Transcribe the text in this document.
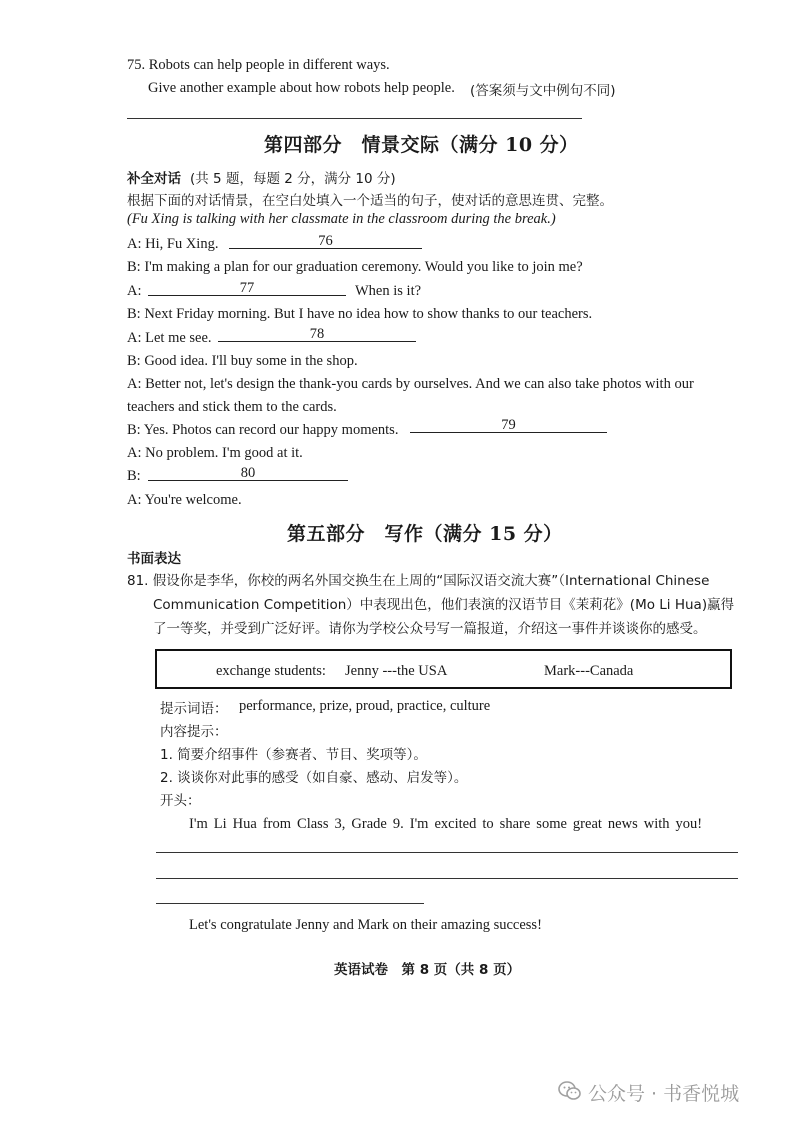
75. Robots can help people in different ways.
Give another example about how robots help people. (答案须与文中例句不同)
第四部分　情景交际（满分 10 分）
补全对话 (共 5 题，每题 2 分，满分 10 分)
根据下面的对话情景，在空白处填入一个适当的句子，使对话的意思连贯、完整。
(Fu Xing is talking with her classmate in the classroom during the break.)
A: Hi, Fu Xing.	76
B: I'm making a plan for our graduation ceremony. Would you like to join me?
A:	77	When is it?
B: Next Friday morning. But I have no idea how to show thanks to our teachers.
A: Let me see.	78
B: Good idea. I'll buy some in the shop.
A: Better not, let's design the thank-you cards by ourselves. And we can also take photos with our
teachers and stick them to the cards.
B: Yes. Photos can record our happy moments.	79
A: No problem. I'm good at it.
B:	80
A: You're welcome.
第五部分　写作（满分 15 分）
书面表达
81. 假设你是李华，你校的两名外国交换生在上周的“国际汉语交流大赛”（International Chinese
Communication Competition）中表现出色，他们表演的汉语节目《茉莉花》(Mo Li Hua)赢得
了一等奖，并受到广泛好评。请你为学校公众号写一篇报道，介绍这一事件并谈谈你的感受。
exchange students: Jenny ---the USA	Mark---Canada
提示词语： performance, prize, proud, practice, culture
内容提示：
1. 简要介绍事件（参赛者、节目、奖项等）。
2. 谈谈你对此事的感受（如自豪、感动、启发等）。
开头：
I'm Li Hua from Class 3, Grade 9. I'm excited to share some great news with you!
Let's congratulate Jenny and Mark on their amazing success!
英语试卷　第 8 页（共 8 页）
公众号 · 书香悦城
